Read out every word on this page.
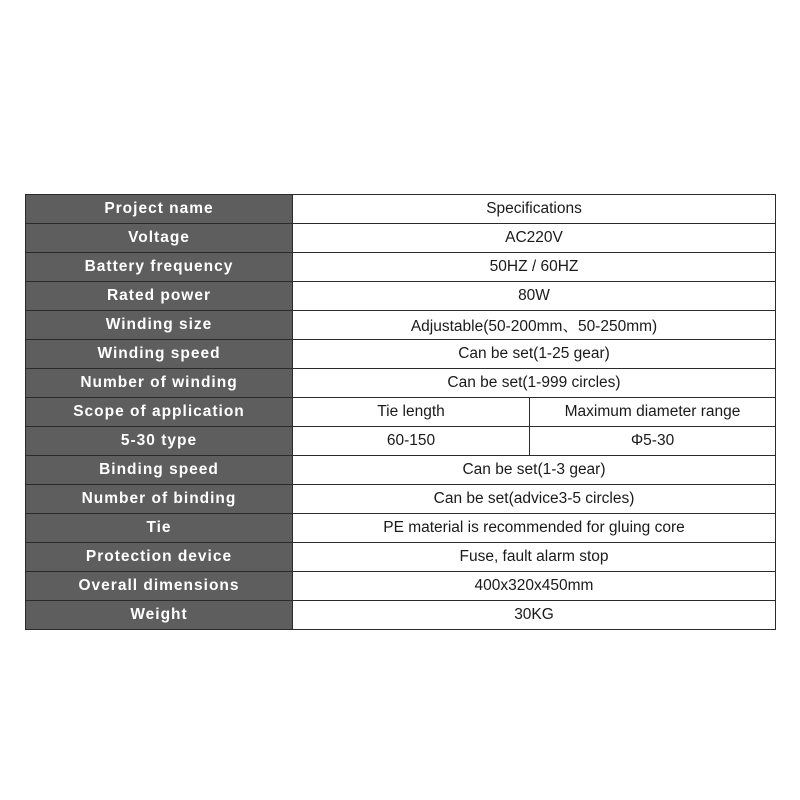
Project name	Specifications	
Voltage	AC220V	
Battery frequency	50HZ / 60HZ	
Rated power	80W	
Winding size	Adjustable(50-200mm、50-250mm)	
Winding speed	Can be set(1-25 gear)	
Number of winding	Can be set(1-999 circles)	
Scope of application	Tie length	Maximum diameter range
5-30 type	60-150	Φ5-30
Binding speed	Can be set(1-3 gear)	
Number of binding	Can be set(advice3-5 circles)	
Tie	PE material is recommended for gluing core	
Protection device	Fuse, fault alarm stop	
Overall dimensions	400x320x450mm	
Weight	30KG	
